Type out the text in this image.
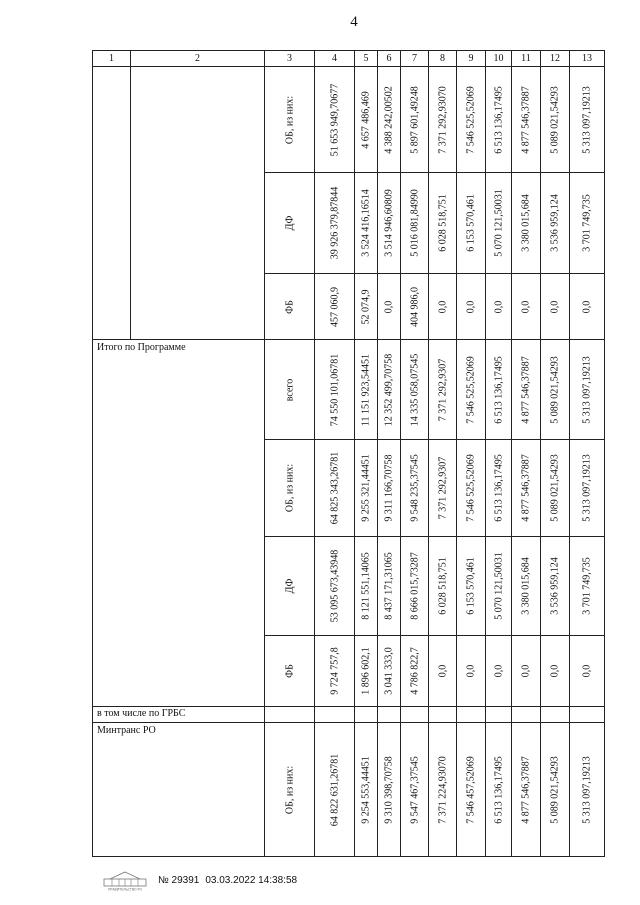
4
1	2	3	4	5	6	7	8	9	10	11	12	13

		ОБ, из них:	51 653 949,70677	4 657 486,469	4 388 242,00502	5 897 601,49248	7 371 292,93070	7 546 525,52069	6 513 136,17495	4 877 546,37887	5 089 021,54293	5 313 097,19213

		ДФ	39 926 379,87844	3 524 416,16514	3 514 946,60809	5 016 081,84990	6 028 518,751	6 153 570,461	5 070 121,50031	3 380 015,684	3 536 959,124	3 701 749,735

		ФБ	457 060,9	52 074,9	0,0	404 986,0	0,0	0,0	0,0	0,0	0,0	0,0

Итого по Программе		всего	74 550 101,06781	11 151 923,54451	12 352 499,70758	14 335 058,07545	7 371 292,9307	7 546 525,52069	6 513 136,17495	4 877 546,37887	5 089 021,54293	5 313 097,19213

		ОБ, из них:	64 825 343,26781	9 255 321,44451	9 311 166,70758	9 548 235,37545	7 371 292,9307	7 546 525,52069	6 513 136,17495	4 877 546,37887	5 089 021,54293	5 313 097,19213

		ДФ	53 095 673,43948	8 121 551,14065	8 437 171,31065	8 666 015,73287	6 028 518,751	6 153 570,461	5 070 121,50031	3 380 015,684	3 536 959,124	3 701 749,735

		ФБ	9 724 757,8	1 896 602,1	3 041 333,0	4 786 822,7	0,0	0,0	0,0	0,0	0,0	0,0

в том числе по ГРБС												

Минтранс РО		ОБ, из них:	64 822 631,26781	9 254 553,44451	9 310 398,70758	9 547 467,37545	7 371 224,93070	7 546 457,52069	6 513 136,17495	4 877 546,37887	5 089 021,54293	5 313 097,19213
ПРАВИТЕЛЬСТВО РО
№ 29391 03.03.2022 14:38:58
